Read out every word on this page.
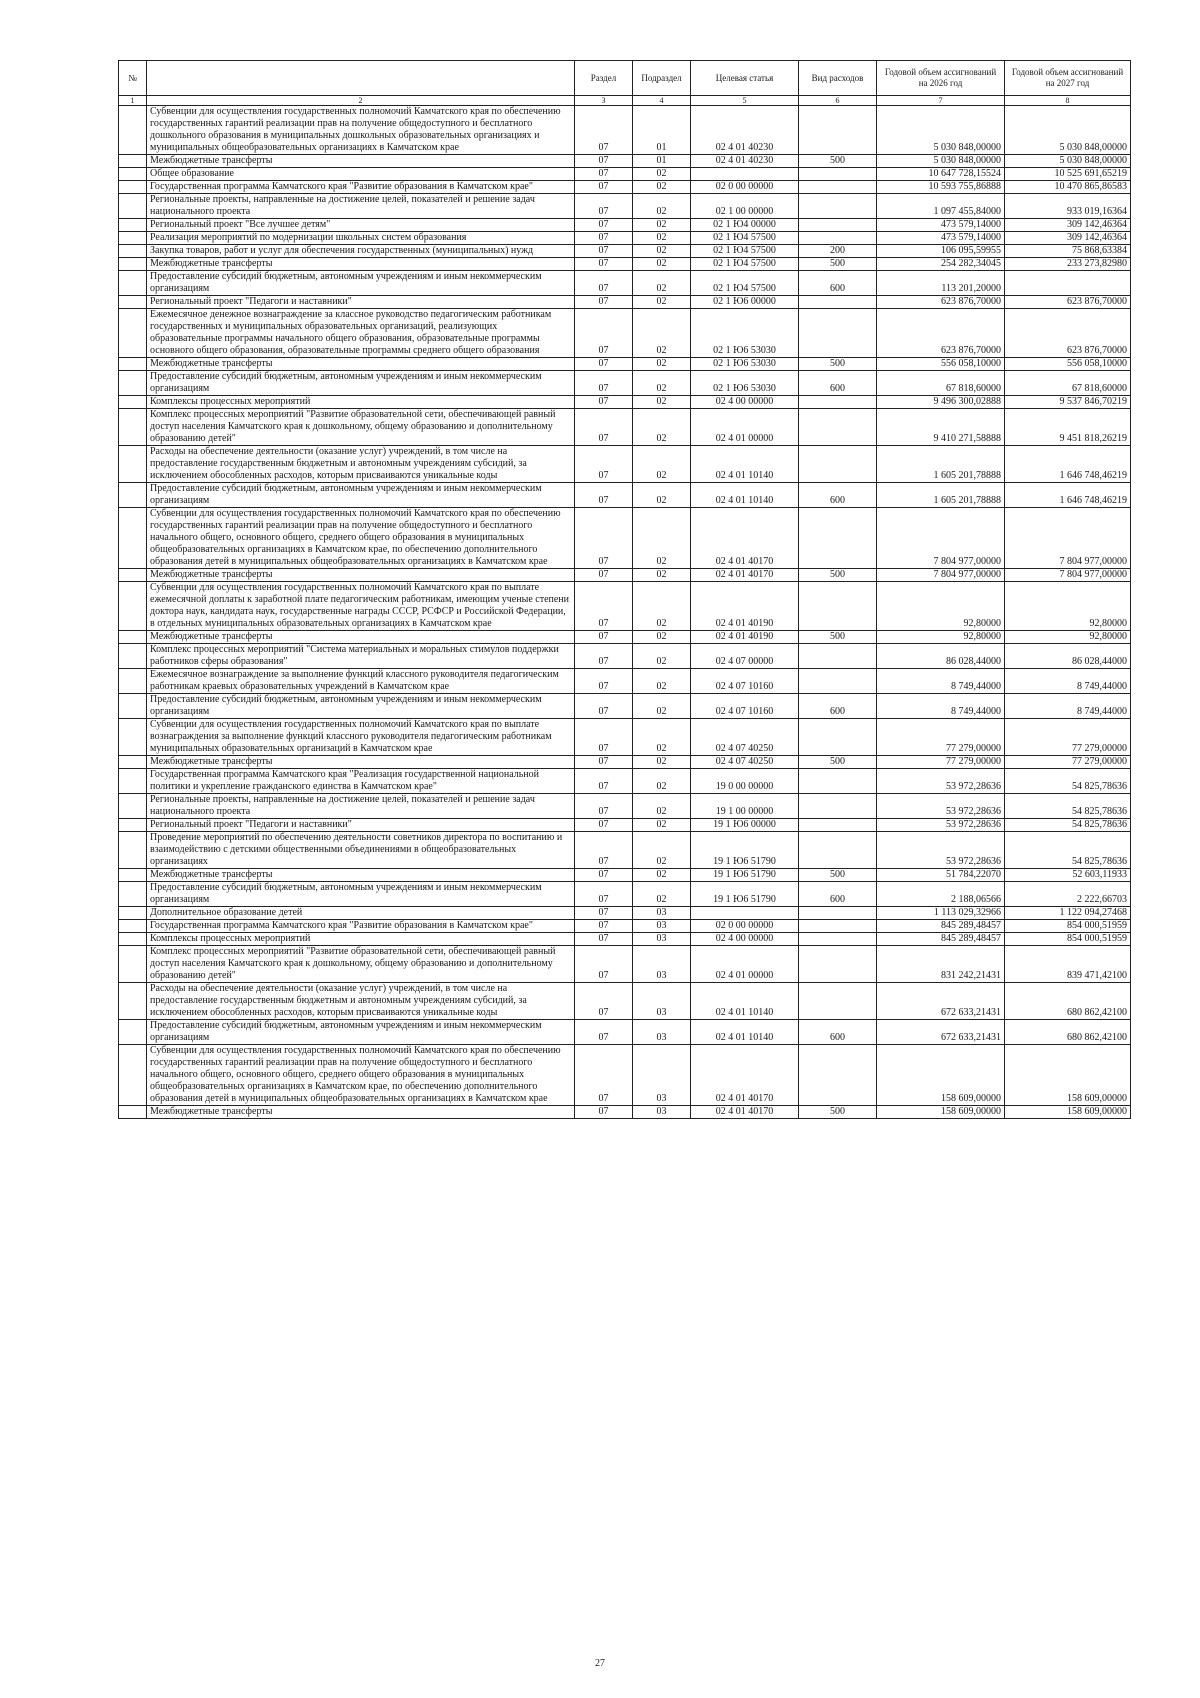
№		Раздел	Подраздел	Целевая статья	Вид расходов	Годовой объем ассигнований на 2026 год	Годовой объем ассигнований на 2027 год
1	2	3	4	5	6	7	8
	Субвенции для осуществления государственных полномочий Камчатского края по обеспечению государственных гарантий реализации прав на получение общедоступного и бесплатного дошкольного образования в муниципальных дошкольных образовательных организациях и муниципальных общеобразовательных организациях в Камчатском крае	07	01	02 4 01 40230		5 030 848,00000	5 030 848,00000
	Межбюджетные трансферты	07	01	02 4 01 40230	500	5 030 848,00000	5 030 848,00000
	Общее образование	07	02			10 647 728,15524	10 525 691,65219
	Государственная программа Камчатского края "Развитие образования в Камчатском крае"	07	02	02 0 00 00000		10 593 755,86888	10 470 865,86583
	Региональные проекты, направленные на достижение целей, показателей и решение задач национального проекта	07	02	02 1 00 00000		1 097 455,84000	933 019,16364
	Региональный проект "Все лучшее детям"	07	02	02 1 Ю4 00000		473 579,14000	309 142,46364
	Реализация мероприятий по модернизации школьных систем образования	07	02	02 1 Ю4 57500		473 579,14000	309 142,46364
	Закупка товаров, работ и услуг для обеспечения государственных (муниципальных) нужд	07	02	02 1 Ю4 57500	200	106 095,59955	75 868,63384
	Межбюджетные трансферты	07	02	02 1 Ю4 57500	500	254 282,34045	233 273,82980
	Предоставление субсидий бюджетным, автономным учреждениям и иным некоммерческим организациям	07	02	02 1 Ю4 57500	600	113 201,20000	
	Региональный проект "Педагоги и наставники"	07	02	02 1 Ю6 00000		623 876,70000	623 876,70000
	Ежемесячное денежное вознаграждение за классное руководство педагогическим работникам государственных и муниципальных образовательных организаций, реализующих образовательные программы начального общего образования, образовательные программы основного общего образования, образовательные программы среднего общего образования	07	02	02 1 Ю6 53030		623 876,70000	623 876,70000
	Межбюджетные трансферты	07	02	02 1 Ю6 53030	500	556 058,10000	556 058,10000
	Предоставление субсидий бюджетным, автономным учреждениям и иным некоммерческим организациям	07	02	02 1 Ю6 53030	600	67 818,60000	67 818,60000
	Комплексы процессных мероприятий	07	02	02 4 00 00000		9 496 300,02888	9 537 846,70219
	Комплекс процессных мероприятий "Развитие образовательной сети, обеспечивающей равный доступ населения Камчатского края к дошкольному, общему образованию и дополнительному образованию детей"	07	02	02 4 01 00000		9 410 271,58888	9 451 818,26219
	Расходы на обеспечение деятельности (оказание услуг) учреждений, в том числе на предоставление государственным бюджетным и автономным учреждениям субсидий, за исключением обособленных расходов, которым присваиваются уникальные коды	07	02	02 4 01 10140		1 605 201,78888	1 646 748,46219
	Предоставление субсидий бюджетным, автономным учреждениям и иным некоммерческим организациям	07	02	02 4 01 10140	600	1 605 201,78888	1 646 748,46219
	Субвенции для осуществления государственных полномочий Камчатского края по обеспечению государственных гарантий реализации прав на получение общедоступного и бесплатного начального общего, основного общего, среднего общего образования в муниципальных общеобразовательных организациях в Камчатском крае, по обеспечению дополнительного образования детей в муниципальных общеобразовательных организациях в Камчатском крае	07	02	02 4 01 40170		7 804 977,00000	7 804 977,00000
	Межбюджетные трансферты	07	02	02 4 01 40170	500	7 804 977,00000	7 804 977,00000
	Субвенции для осуществления государственных полномочий Камчатского края по выплате ежемесячной доплаты к заработной плате педагогическим работникам, имеющим ученые степени доктора наук, кандидата наук, государственные награды СССР, РСФСР и Российской Федерации, в отдельных муниципальных образовательных организациях в Камчатском крае	07	02	02 4 01 40190		92,80000	92,80000
	Межбюджетные трансферты	07	02	02 4 01 40190	500	92,80000	92,80000
	Комплекс процессных мероприятий "Система материальных и моральных стимулов поддержки работников сферы образования"	07	02	02 4 07 00000		86 028,44000	86 028,44000
	Ежемесячное вознаграждение за выполнение функций классного руководителя педагогическим работникам краевых образовательных учреждений в Камчатском крае	07	02	02 4 07 10160		8 749,44000	8 749,44000
	Предоставление субсидий бюджетным, автономным учреждениям и иным некоммерческим организациям	07	02	02 4 07 10160	600	8 749,44000	8 749,44000
	Субвенции для осуществления государственных полномочий Камчатского края по выплате вознаграждения за выполнение функций классного руководителя педагогическим работникам муниципальных образовательных организаций в Камчатском крае	07	02	02 4 07 40250		77 279,00000	77 279,00000
	Межбюджетные трансферты	07	02	02 4 07 40250	500	77 279,00000	77 279,00000
	Государственная программа Камчатского края "Реализация государственной национальной политики и укрепление гражданского единства в Камчатском крае"	07	02	19 0 00 00000		53 972,28636	54 825,78636
	Региональные проекты, направленные на достижение целей, показателей и решение задач национального проекта	07	02	19 1 00 00000		53 972,28636	54 825,78636
	Региональный проект "Педагоги и наставники"	07	02	19 1 Ю6 00000		53 972,28636	54 825,78636
	Проведение мероприятий по обеспечению деятельности советников директора по воспитанию и взаимодействию с детскими общественными объединениями в общеобразовательных организациях	07	02	19 1 Ю6 51790		53 972,28636	54 825,78636
	Межбюджетные трансферты	07	02	19 1 Ю6 51790	500	51 784,22070	52 603,11933
	Предоставление субсидий бюджетным, автономным учреждениям и иным некоммерческим организациям	07	02	19 1 Ю6 51790	600	2 188,06566	2 222,66703
	Дополнительное образование детей	07	03			1 113 029,32966	1 122 094,27468
	Государственная программа Камчатского края "Развитие образования в Камчатском крае"	07	03	02 0 00 00000		845 289,48457	854 000,51959
	Комплексы процессных мероприятий	07	03	02 4 00 00000		845 289,48457	854 000,51959
	Комплекс процессных мероприятий "Развитие образовательной сети, обеспечивающей равный доступ населения Камчатского края к дошкольному, общему образованию и дополнительному образованию детей"	07	03	02 4 01 00000		831 242,21431	839 471,42100
	Расходы на обеспечение деятельности (оказание услуг) учреждений, в том числе на предоставление государственным бюджетным и автономным учреждениям субсидий, за исключением обособленных расходов, которым присваиваются уникальные коды	07	03	02 4 01 10140		672 633,21431	680 862,42100
	Предоставление субсидий бюджетным, автономным учреждениям и иным некоммерческим организациям	07	03	02 4 01 10140	600	672 633,21431	680 862,42100
	Субвенции для осуществления государственных полномочий Камчатского края по обеспечению государственных гарантий реализации прав на получение общедоступного и бесплатного начального общего, основного общего, среднего общего образования в муниципальных общеобразовательных организациях в Камчатском крае, по обеспечению дополнительного образования детей в муниципальных общеобразовательных организациях в Камчатском крае	07	03	02 4 01 40170		158 609,00000	158 609,00000
	Межбюджетные трансферты	07	03	02 4 01 40170	500	158 609,00000	158 609,00000
27
